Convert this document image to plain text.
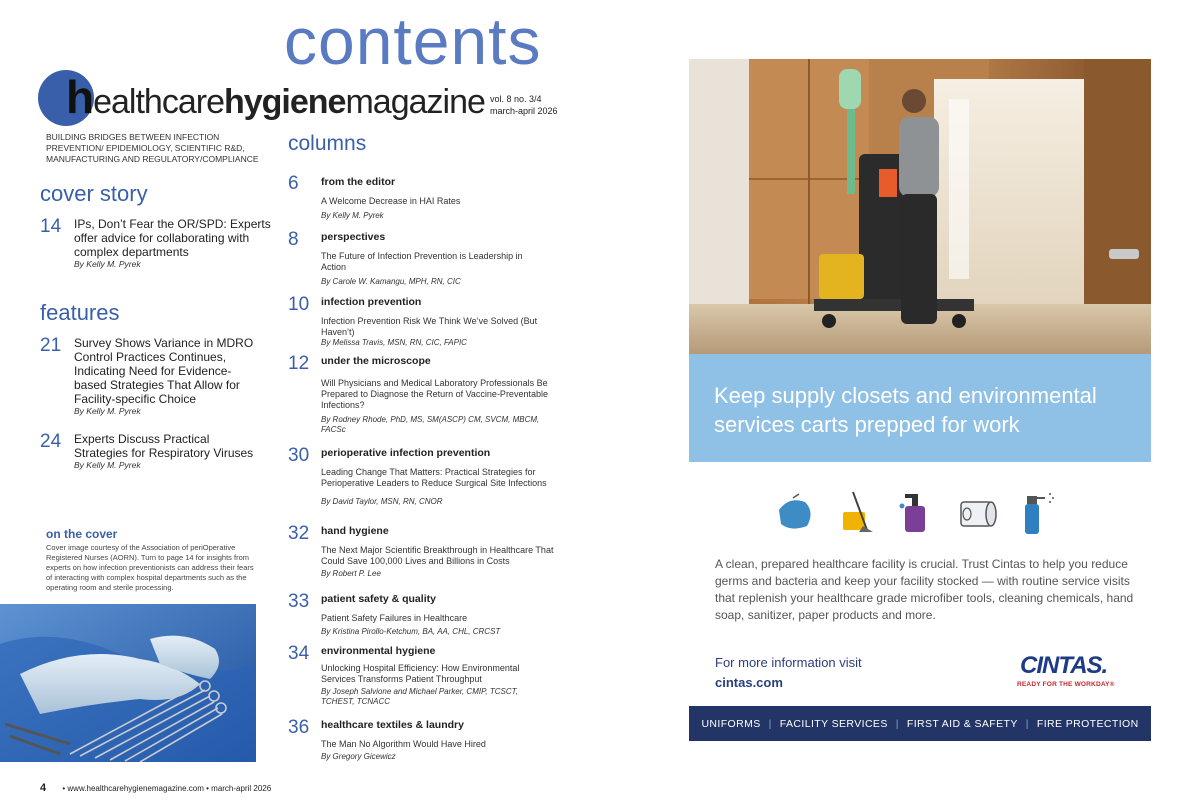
contents
healthcarehygienemagazine vol. 8 no. 3/4
march-april 2026
BUILDING BRIDGES BETWEEN INFECTION PREVENTION/ EPIDEMIOLOGY, SCIENTIFIC R&D, MANUFACTURING AND REGULATORY/COMPLIANCE
cover story
14 IPs, Don’t Fear the OR/SPD: Experts offer advice for collaborating with complex departments
By Kelly M. Pyrek
features
21 Survey Shows Variance in MDRO Control Practices Continues, Indicating Need for Evidence-based Strategies That Allow for Facility-specific Choice
By Kelly M. Pyrek
24 Experts Discuss Practical Strategies for Respiratory Viruses
By Kelly M. Pyrek
on the cover
Cover image courtesy of the Association of periOperative Registered Nurses (AORN). Turn to page 14 for insights from experts on how infection preventionists can address their fears of interacting with complex hospital departments such as the operating room and sterile processing.
columns
6 from the editor
A Welcome Decrease in HAI Rates
By Kelly M. Pyrek
8 perspectives
The Future of Infection Prevention is Leadership in Action
By Carole W. Kamangu, MPH, RN, CIC
10 infection prevention
Infection Prevention Risk We Think We’ve Solved (But Haven’t)
By Melissa Travis, MSN, RN, CIC, FAPIC
12 under the microscope
Will Physicians and Medical Laboratory Professionals Be Prepared to Diagnose the Return of Vaccine-Preventable Infections?
By Rodney Rhode, PhD, MS, SM(ASCP) CM, SVCM, MBCM, FACSc
30 perioperative infection prevention
Leading Change That Matters: Practical Strategies for Perioperative Leaders to Reduce Surgical Site Infections
By David Taylor, MSN, RN, CNOR
32 hand hygiene
The Next Major Scientific Breakthrough in Healthcare That Could Save 100,000 Lives and Billions in Costs
By Robert P. Lee
33 patient safety & quality
Patient Safety Failures in Healthcare
By Kristina Pirollo-Ketchum, BA, AA, CHL, CRCST
34 environmental hygiene
Unlocking Hospital Efficiency: How Environmental Services Transforms Patient Throughput
By Joseph Salvione and Michael Parker, CMIP, TCSCT, TCHEST, TCNACC
36 healthcare textiles & laundry
The Man No Algorithm Would Have Hired
By Gregory Gicewicz
4 • www.healthcarehygienemagazine.com • march-april 2026
Keep supply closets and environmental services carts prepped for work
A clean, prepared healthcare facility is crucial. Trust Cintas to help you reduce germs and bacteria and keep your facility stocked — with routine service visits that replenish your healthcare grade microfiber tools, cleaning chemicals, hand soap, sanitizer, paper products and more.
For more information visit
cintas.com
CINTAS.
READY FOR THE WORKDAY®
UNIFORMS | FACILITY SERVICES | FIRST AID & SAFETY | FIRE PROTECTION
